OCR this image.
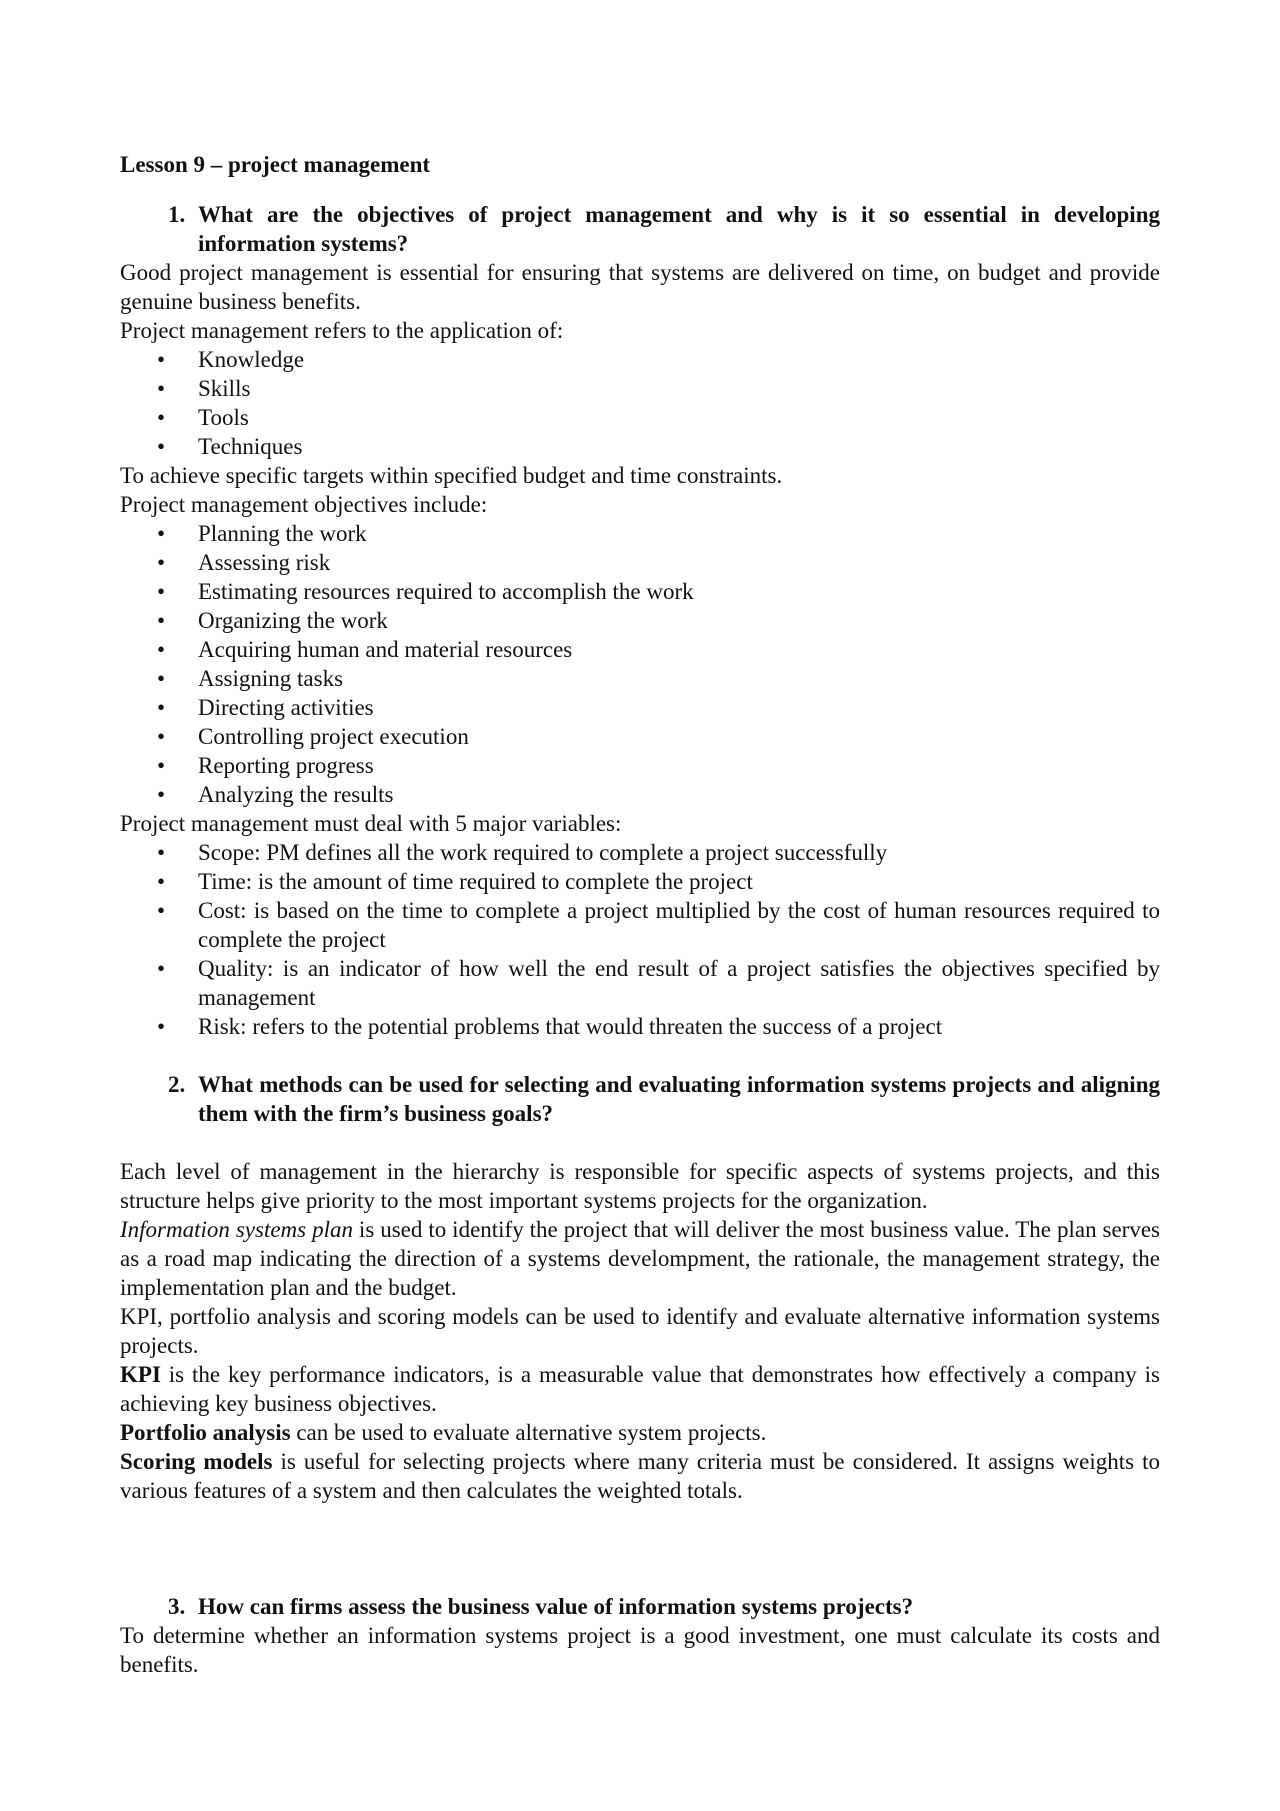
Lesson 9 – project management
1. What are the objectives of project management and why is it so essential in developing information systems?

Good project management is essential for ensuring that systems are delivered on time, on budget and provide genuine business benefits.

Project management refers to the application of:

•	Knowledge
•	Skills
•	Tools
•	Techniques

To achieve specific targets within specified budget and time constraints.

Project management objectives include:

•	Planning the work
•	Assessing risk
•	Estimating resources required to accomplish the work
•	Organizing the work
•	Acquiring human and material resources
•	Assigning tasks
•	Directing activities
•	Controlling project execution
•	Reporting progress
•	Analyzing the results

Project management must deal with 5 major variables:

•	Scope: PM defines all the work required to complete a project successfully
•	Time: is the amount of time required to complete the project
•	Cost: is based on the time to complete a project multiplied by the cost of human resources required to complete the project
•	Quality: is an indicator of how well the end result of a project satisfies the objectives specified by management
•	Risk: refers to the potential problems that would threaten the success of a project
2. What methods can be used for selecting and evaluating information systems projects and aligning them with the firm’s business goals?

Each level of management in the hierarchy is responsible for specific aspects of systems projects, and this structure helps give priority to the most important systems projects for the organization.

Information systems plan is used to identify the project that will deliver the most business value. The plan serves as a road map indicating the direction of a systems develompment, the rationale, the management strategy, the implementation plan and the budget.

KPI, portfolio analysis and scoring models can be used to identify and evaluate alternative information systems projects.

KPI is the key performance indicators, is a measurable value that demonstrates how effectively a company is achieving key business objectives.

Portfolio analysis can be used to evaluate alternative system projects.

Scoring models is useful for selecting projects where many criteria must be considered. It assigns weights to various features of a system and then calculates the weighted totals.

3. How can firms assess the business value of information systems projects?

To determine whether an information systems project is a good investment, one must calculate its costs and benefits.
